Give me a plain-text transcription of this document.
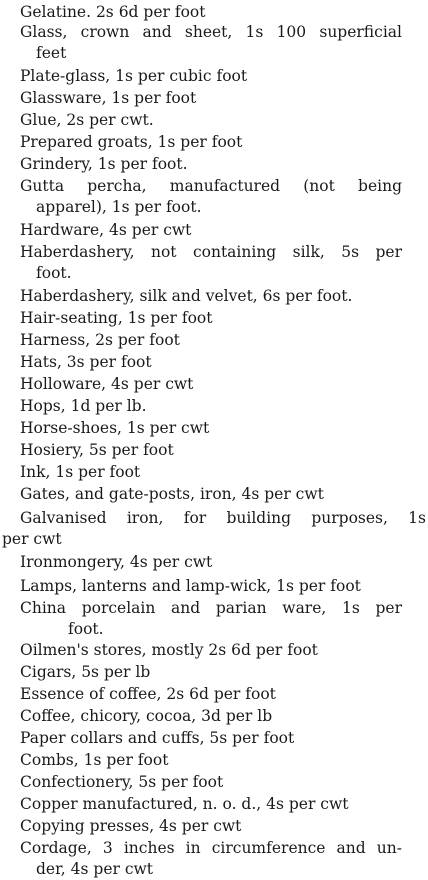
Gelatine. 2s 6d per foot
Glass, crown and sheet, 1s 100 superficial
feet
Plate-glass, 1s per cubic foot
Glassware, 1s per foot
Glue, 2s per cwt.
Prepared groats, 1s per foot
Grindery, 1s per foot.
Gutta percha, manufactured (not being
apparel), 1s per foot.
Hardware, 4s per cwt
Haberdashery, not containing silk, 5s per
foot.
Haberdashery, silk and velvet, 6s per foot.
Hair-seating, 1s per foot
Harness, 2s per foot
Hats, 3s per foot
Holloware, 4s per cwt
Hops, 1d per lb.
Horse-shoes, 1s per cwt
Hosiery, 5s per foot
Ink, 1s per foot
Gates, and gate-posts, iron, 4s per cwt
Galvanised iron, for building purposes, 1s
per cwt
Ironmongery, 4s per cwt
Lamps, lanterns and lamp-wick, 1s per foot
China porcelain and parian ware, 1s per
foot.
Oilmen's stores, mostly 2s 6d per foot
Cigars, 5s per lb
Essence of coffee, 2s 6d per foot
Coffee, chicory, cocoa, 3d per lb
Paper collars and cuffs, 5s per foot
Combs, 1s per foot
Confectionery, 5s per foot
Copper manufactured, n. o. d., 4s per cwt
Copying presses, 4s per cwt
Cordage, 3 inches in circumference and un-
der, 4s per cwt
